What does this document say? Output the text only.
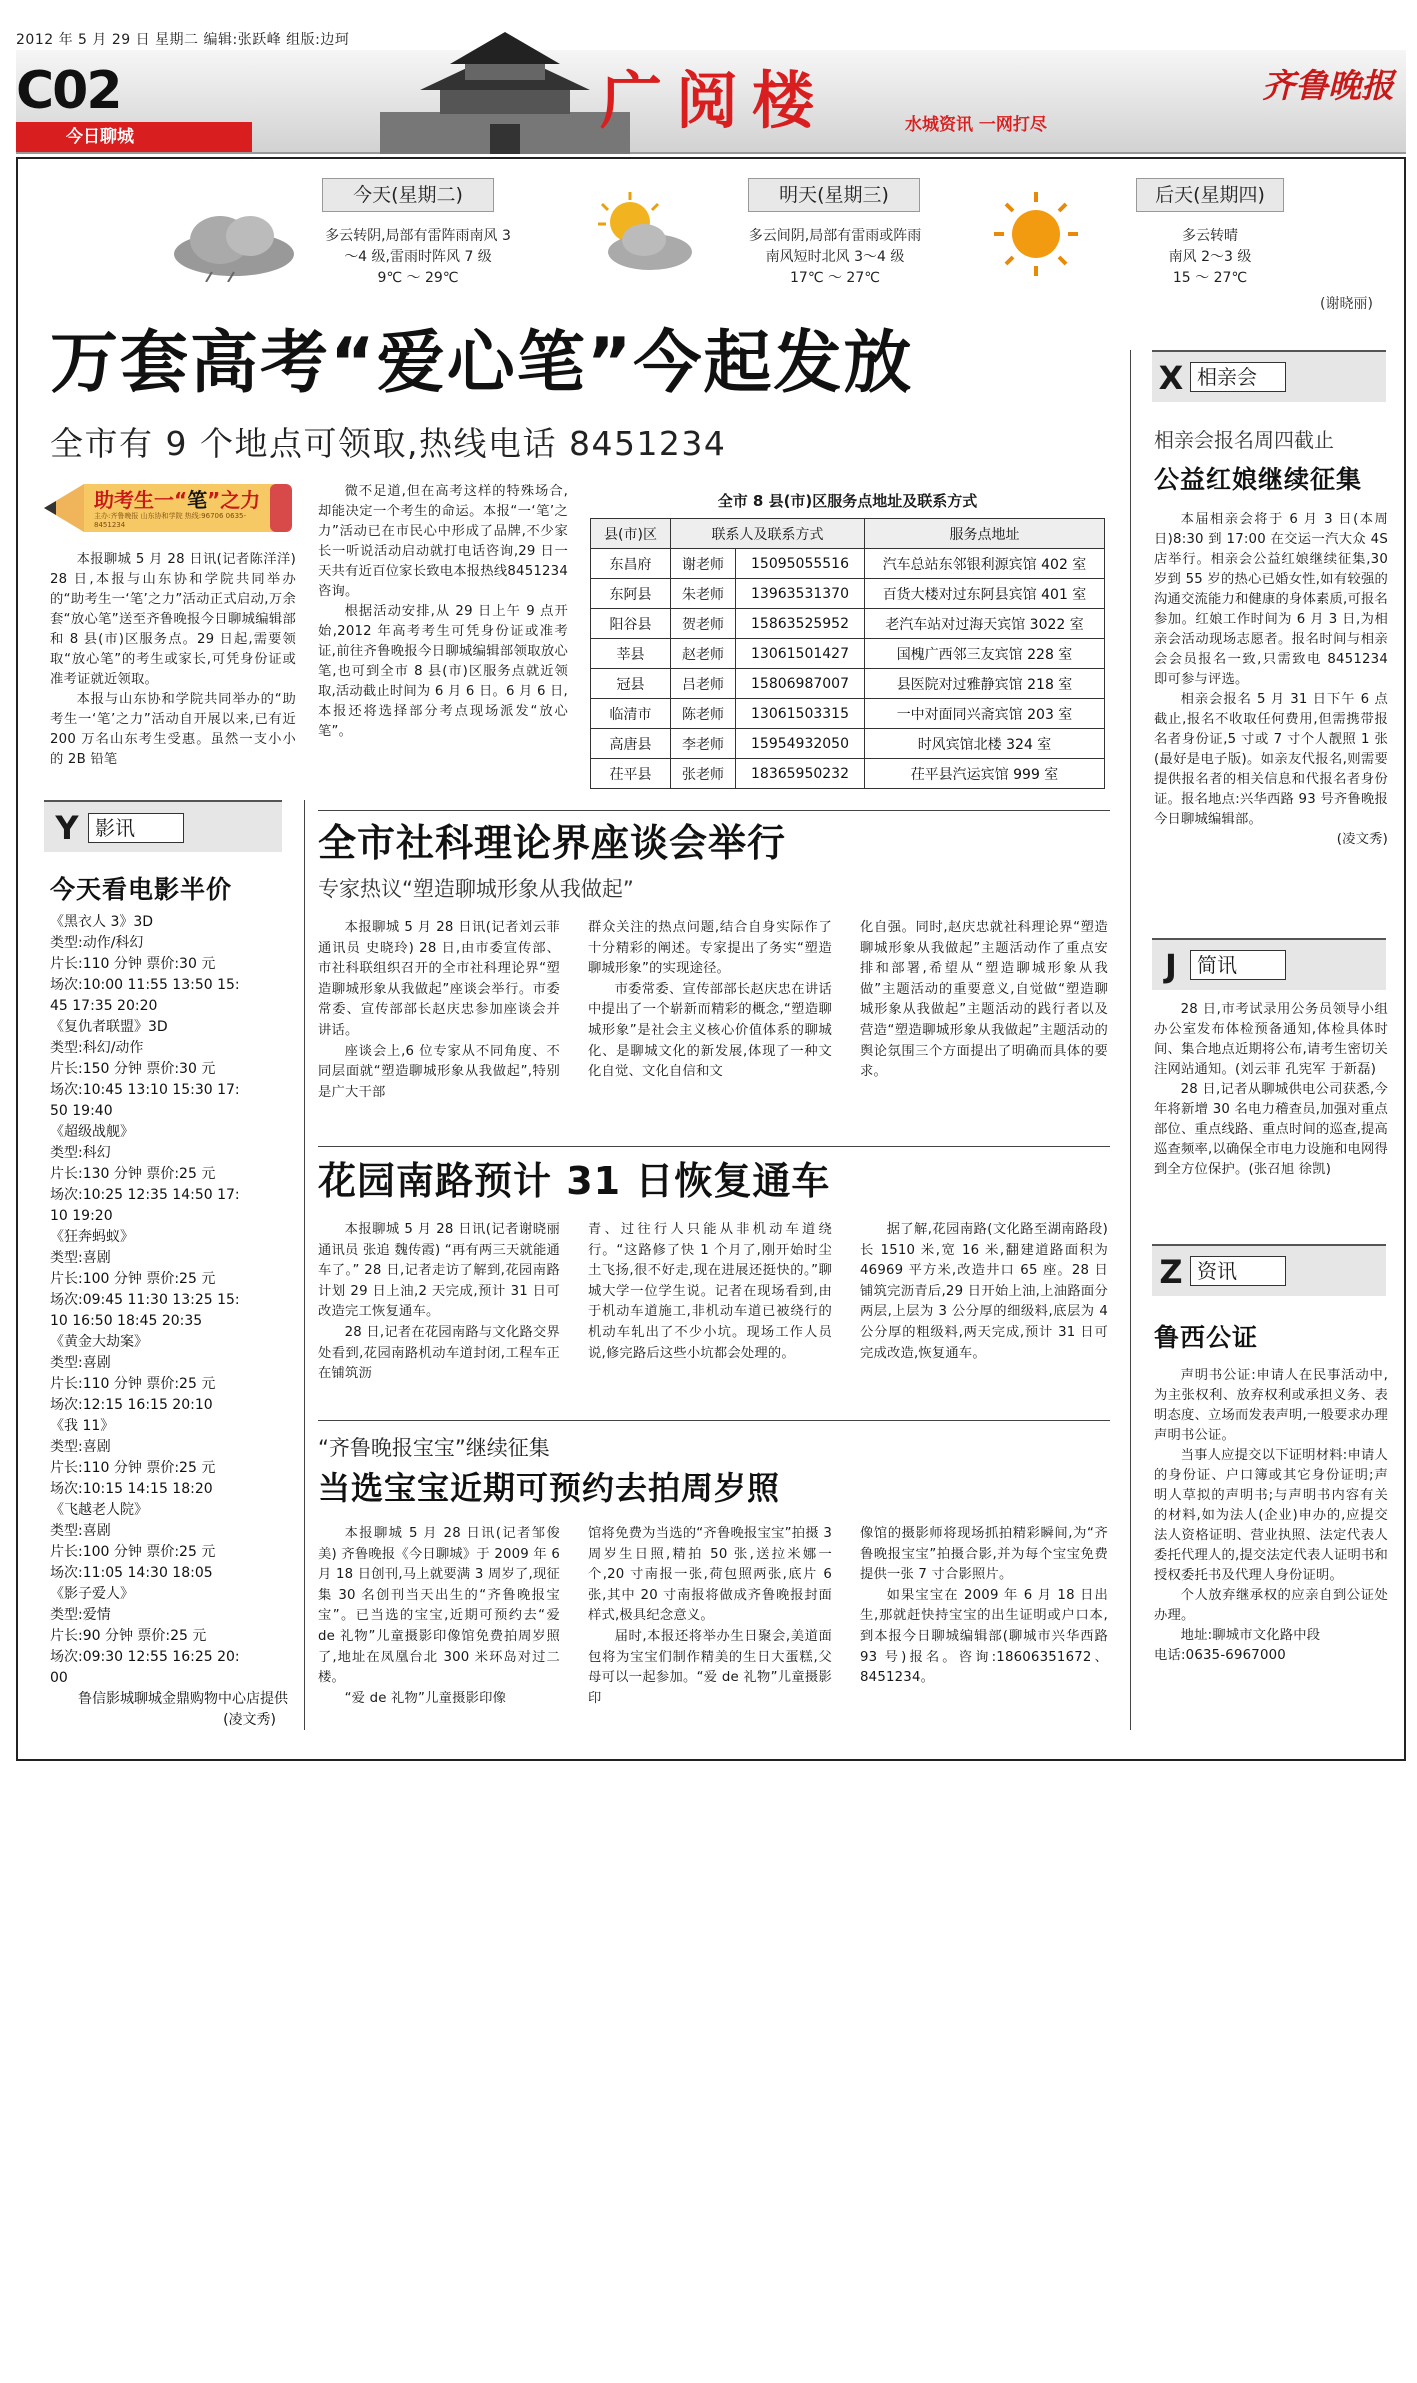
2012 年 5 月 29 日 星期二 编辑:张跃峰 组版:边珂
C02
今日聊城	广阅楼	水城资讯 一网打尽
齐鲁晚报
今天(星期二)
多云转阴,局部有雷阵雨南风 3
～4 级,雷雨时阵风 7 级
9℃ ～ 29℃
明天(星期三)
多云间阴,局部有雷雨或阵雨
南风短时北风 3～4 级
17℃ ～ 27℃
后天(星期四)
多云转晴
南风 2～3 级
15 ～ 27℃
(谢晓丽)
万套高考“爱心笔”今起发放
全市有 9 个地点可领取,热线电话 8451234
助考生一“笔”之力
主办:齐鲁晚报 山东协和学院 热线:96706 0635-8451234

本报聊城 5 月 28 日讯(记者陈洋洋) 28 日,本报与山东协和学院共同举办的“助考生一‘笔’之力”活动正式启动,万余套“放心笔”送至齐鲁晚报今日聊城编辑部和 8 县(市)区服务点。29 日起,需要领取“放心笔”的考生或家长,可凭身份证或准考证就近领取。

本报与山东协和学院共同举办的“助考生一‘笔’之力”活动自开展以来,已有近 200 万名山东考生受惠。虽然一支小小的 2B 铅笔

微不足道,但在高考这样的特殊场合,却能决定一个考生的命运。本报“一‘笔’之力”活动已在市民心中形成了品牌,不少家长一听说活动启动就打电话咨询,29 日一天共有近百位家长致电本报热线8451234 咨询。

根据活动安排,从 29 日上午 9 点开始,2012 年高考考生可凭身份证或准考证,前往齐鲁晚报今日聊城编辑部领取放心笔,也可到全市 8 县(市)区服务点就近领取,活动截止时间为 6 月 6 日。6 月 6 日,本报还将选择部分考点现场派发“放心笔”。

全市 8 县(市)区服务点地址及联系方式
县(市)区	联系人及联系方式		服务点地址
东昌府	谢老师	15095055516	汽车总站东邻银利源宾馆 402 室
东阿县	朱老师	13963531370	百货大楼对过东阿县宾馆 401 室
阳谷县	贺老师	15863525952	老汽车站对过海天宾馆 3022 室
莘县	赵老师	13061501427	国槐广西邻三友宾馆 228 室
冠县	吕老师	15806987007	县医院对过雅静宾馆 218 室
临清市	陈老师	13061503315	一中对面同兴斋宾馆 203 室
高唐县	李老师	15954932050	时风宾馆北楼 324 室
茌平县	张老师	18365950232	茌平县汽运宾馆 999 室
Y 影讯
今天看电影半价
《黑衣人 3》3D
类型:动作/科幻
片长:110 分钟 票价:30 元
场次:10:00 11:55 13:50 15:
45 17:35 20:20
《复仇者联盟》3D
类型:科幻/动作
片长:150 分钟 票价:30 元
场次:10:45 13:10 15:30 17:
50 19:40
《超级战舰》
类型:科幻
片长:130 分钟 票价:25 元
场次:10:25 12:35 14:50 17:
10 19:20
《狂奔蚂蚁》
类型:喜剧
片长:100 分钟 票价:25 元
场次:09:45 11:30 13:25 15:
10 16:50 18:45 20:35
《黄金大劫案》
类型:喜剧
片长:110 分钟 票价:25 元
场次:12:15 16:15 20:10
《我 11》
类型:喜剧
片长:110 分钟 票价:25 元
场次:10:15 14:15 18:20
《飞越老人院》
类型:喜剧
片长:100 分钟 票价:25 元
场次:11:05 14:30 18:05
《影子爱人》
类型:爱情
片长:90 分钟 票价:25 元
场次:09:30 12:55 16:25 20:
00
鲁信影城聊城金鼎购物中心店提供
(凌文秀)
全市社科理论界座谈会举行
专家热议“塑造聊城形象从我做起”

本报聊城 5 月 28 日讯(记者刘云菲 通讯员 史晓玲) 28 日,由市委宣传部、市社科联组织召开的全市社科理论界“塑造聊城形象从我做起”座谈会举行。市委常委、宣传部部长赵庆忠参加座谈会并讲话。

座谈会上,6 位专家从不同角度、不同层面就“塑造聊城形象从我做起”,特别是广大干部

群众关注的热点问题,结合自身实际作了十分精彩的阐述。专家提出了务实“塑造聊城形象”的实现途径。

市委常委、宣传部部长赵庆忠在讲话中提出了一个崭新而精彩的概念,“塑造聊城形象”是社会主义核心价值体系的聊城化、是聊城文化的新发展,体现了一种文化自觉、文化自信和文

化自强。同时,赵庆忠就社科理论界“塑造聊城形象从我做起”主题活动作了重点安排和部署,希望从“塑造聊城形象从我做”主题活动的重要意义,自觉做“塑造聊城形象从我做起”主题活动的践行者以及营造“塑造聊城形象从我做起”主题活动的舆论氛围三个方面提出了明确而具体的要求。

花园南路预计 31 日恢复通车

本报聊城 5 月 28 日讯(记者谢晓丽 通讯员 张追 魏传霞) “再有两三天就能通车了。” 28 日,记者走访了解到,花园南路计划 29 日上油,2 天完成,预计 31 日可改造完工恢复通车。

28 日,记者在花园南路与文化路交界处看到,花园南路机动车道封闭,工程车正在铺筑沥

青、过往行人只能从非机动车道绕行。“这路修了快 1 个月了,刚开始时尘土飞扬,很不好走,现在进展还挺快的。”聊城大学一位学生说。记者在现场看到,由于机动车道施工,非机动车道已被绕行的机动车轧出了不少小坑。现场工作人员说,修完路后这些小坑都会处理的。

据了解,花园南路(文化路至湖南路段)长 1510 米,宽 16 米,翻建道路面积为 46969 平方米,改造井口 65 座。28 日铺筑完沥青后,29 日开始上油,上油路面分两层,上层为 3 公分厚的细级料,底层为 4 公分厚的粗级料,两天完成,预计 31 日可完成改造,恢复通车。

“齐鲁晚报宝宝”继续征集
当选宝宝近期可预约去拍周岁照

本报聊城 5 月 28 日讯(记者邹俊美) 齐鲁晚报《今日聊城》于 2009 年 6 月 18 日创刊,马上就要满 3 周岁了,现征集 30 名创刊当天出生的“齐鲁晚报宝宝”。已当选的宝宝,近期可预约去“爱 de 礼物”儿童摄影印像馆免费拍周岁照了,地址在凤凰台北 300 米环岛对过二楼。

“爱 de 礼物”儿童摄影印像

馆将免费为当选的“齐鲁晚报宝宝”拍摄 3 周岁生日照,精拍 50 张,送拉米娜一个,20 寸南报一张,荷包照两张,底片 6 张,其中 20 寸南报将做成齐鲁晚报封面样式,极具纪念意义。

届时,本报还将举办生日聚会,美道面包将为宝宝们制作精美的生日大蛋糕,父母可以一起参加。“爱 de 礼物”儿童摄影印

像馆的摄影师将现场抓拍精彩瞬间,为“齐鲁晚报宝宝”拍摄合影,并为每个宝宝免费提供一张 7 寸合影照片。

如果宝宝在 2009 年 6 月 18 日出生,那就赶快持宝宝的出生证明或户口本,到本报今日聊城编辑部(聊城市兴华西路 93 号)报名。咨询:18606351672、8451234。

X 相亲会
相亲会报名周四截止
公益红娘继续征集

本届相亲会将于 6 月 3 日(本周日)8:30 到 17:00 在交运一汽大众 4S 店举行。相亲会公益红娘继续征集,30 岁到 55 岁的热心已婚女性,如有较强的沟通交流能力和健康的身体素质,可报名参加。红娘工作时间为 6 月 3 日,为相亲会活动现场志愿者。报名时间与相亲会会员报名一致,只需致电 8451234 即可参与评选。

相亲会报名 5 月 31 日下午 6 点截止,报名不收取任何费用,但需携带报名者身份证,5 寸或 7 寸个人靓照 1 张(最好是电子版)。如亲友代报名,则需要提供报名者的相关信息和代报名者身份证。报名地点:兴华西路 93 号齐鲁晚报今日聊城编辑部。

(凌文秀)

J	简讯

28 日,市考试录用公务员领导小组办公室发布体检预备通知,体检具体时间、集合地点近期将公布,请考生密切关注网站通知。(刘云菲 孔宪军 于新磊)

28 日,记者从聊城供电公司获悉,今年将新增 30 名电力稽查员,加强对重点部位、重点线路、重点时间的巡查,提高巡查频率,以确保全市电力设施和电网得到全方位保护。(张召旭 徐凯)

Z 资讯
鲁西公证

声明书公证:申请人在民事活动中,为主张权利、放弃权利或承担义务、表明态度、立场而发表声明,一般要求办理声明书公证。

当事人应提交以下证明材料:申请人的身份证、户口簿或其它身份证明;声明人草拟的声明书;与声明书内容有关的材料,如为法人(企业)申办的,应提交法人资格证明、营业执照、法定代表人委托代理人的,提交法定代表人证明书和授权委托书及代理人身份证明。

个人放弃继承权的应亲自到公证处办理。

地址:聊城市文化路中段

电话:0635-6967000
